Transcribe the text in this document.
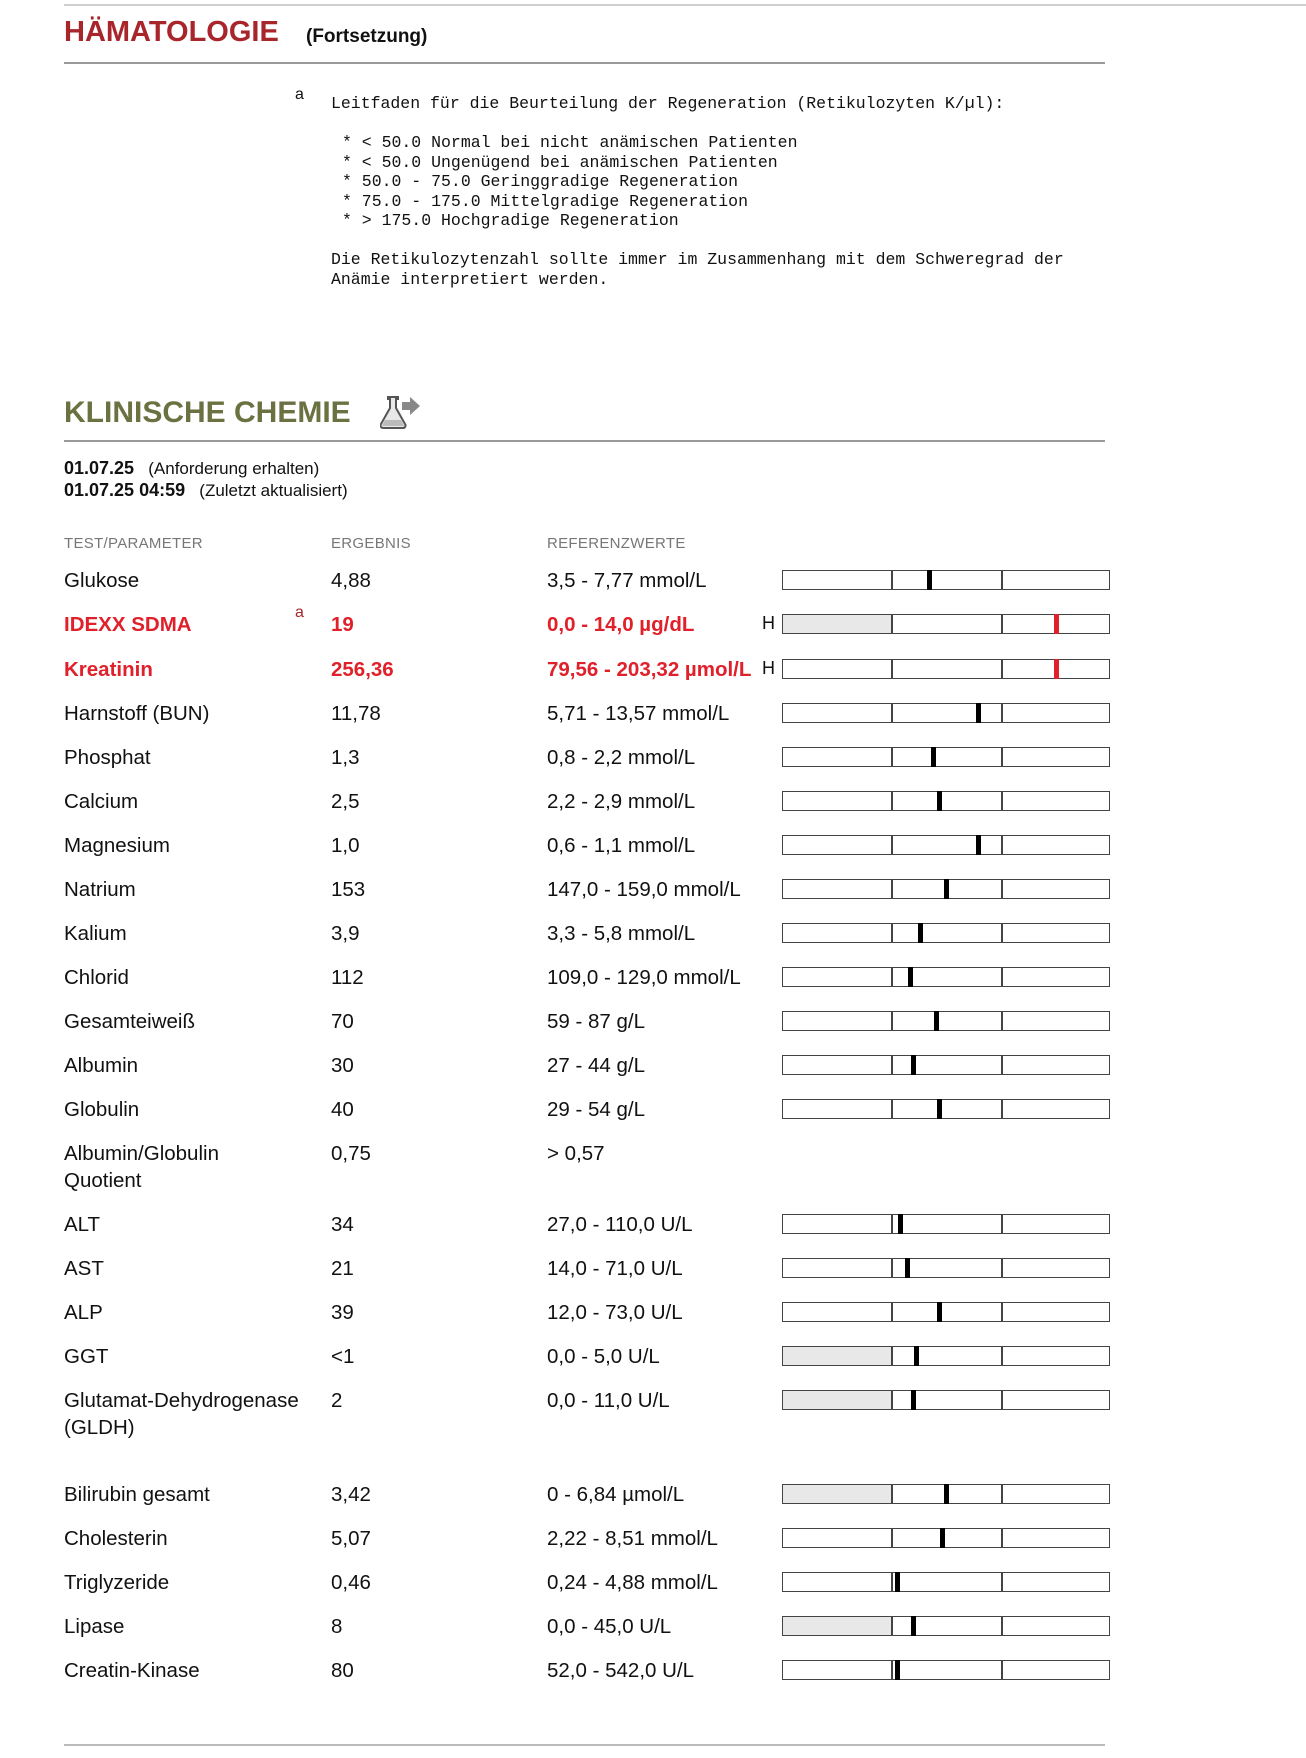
HÄMATOLOGIE (Fortsetzung)
a Leitfaden für die Beurteilung der Regeneration (Retikulozyten K/µl):
* < 50.0 Normal bei nicht anämischen Patienten
* < 50.0 Ungenügend bei anämischen Patienten
* 50.0 - 75.0 Geringgradige Regeneration
* 75.0 - 175.0 Mittelgradige Regeneration
* > 175.0 Hochgradige Regeneration
Die Retikulozytenzahl sollte immer im Zusammenhang mit dem Schweregrad der
Anämie interpretiert werden.
KLINISCHE CHEMIE
01.07.25 (Anforderung erhalten)
01.07.25 04:59 (Zuletzt aktualisiert)
TEST/PARAMETER	ERGEBNIS	REFERENZWERTE
Glukose	4,88	3,5 - 7,77 mmol/L
IDEXX SDMA	19	0,0 - 14,0 µg/dL	H
a
Kreatinin	256,36	79,56 - 203,32 µmol/L H
Harnstoff (BUN)	11,78	5,71 - 13,57 mmol/L
Phosphat	1,3	0,8 - 2,2 mmol/L
Calcium	2,5	2,2 - 2,9 mmol/L
Magnesium	1,0	0,6 - 1,1 mmol/L
Natrium	153	147,0 - 159,0 mmol/L
Kalium	3,9	3,3 - 5,8 mmol/L
Chlorid	112	109,0 - 129,0 mmol/L
Gesamteiweiß	70	59 - 87 g/L
Albumin	30	27 - 44 g/L
Globulin	40	29 - 54 g/L
Albumin/Globulin
Quotient
0,75	> 0,57
ALT	34	27,0 - 110,0 U/L
AST	21	14,0 - 71,0 U/L
ALP	39	12,0 - 73,0 U/L
GGT	<1	0,0 - 5,0 U/L
Glutamat-Dehydrogenase
(GLDH)
2	0,0 - 11,0 U/L
Bilirubin gesamt	3,42	0 - 6,84 µmol/L
Cholesterin	5,07	2,22 - 8,51 mmol/L
Triglyzeride	0,46	0,24 - 4,88 mmol/L
Lipase	8	0,0 - 45,0 U/L
Creatin-Kinase	80	52,0 - 542,0 U/L
